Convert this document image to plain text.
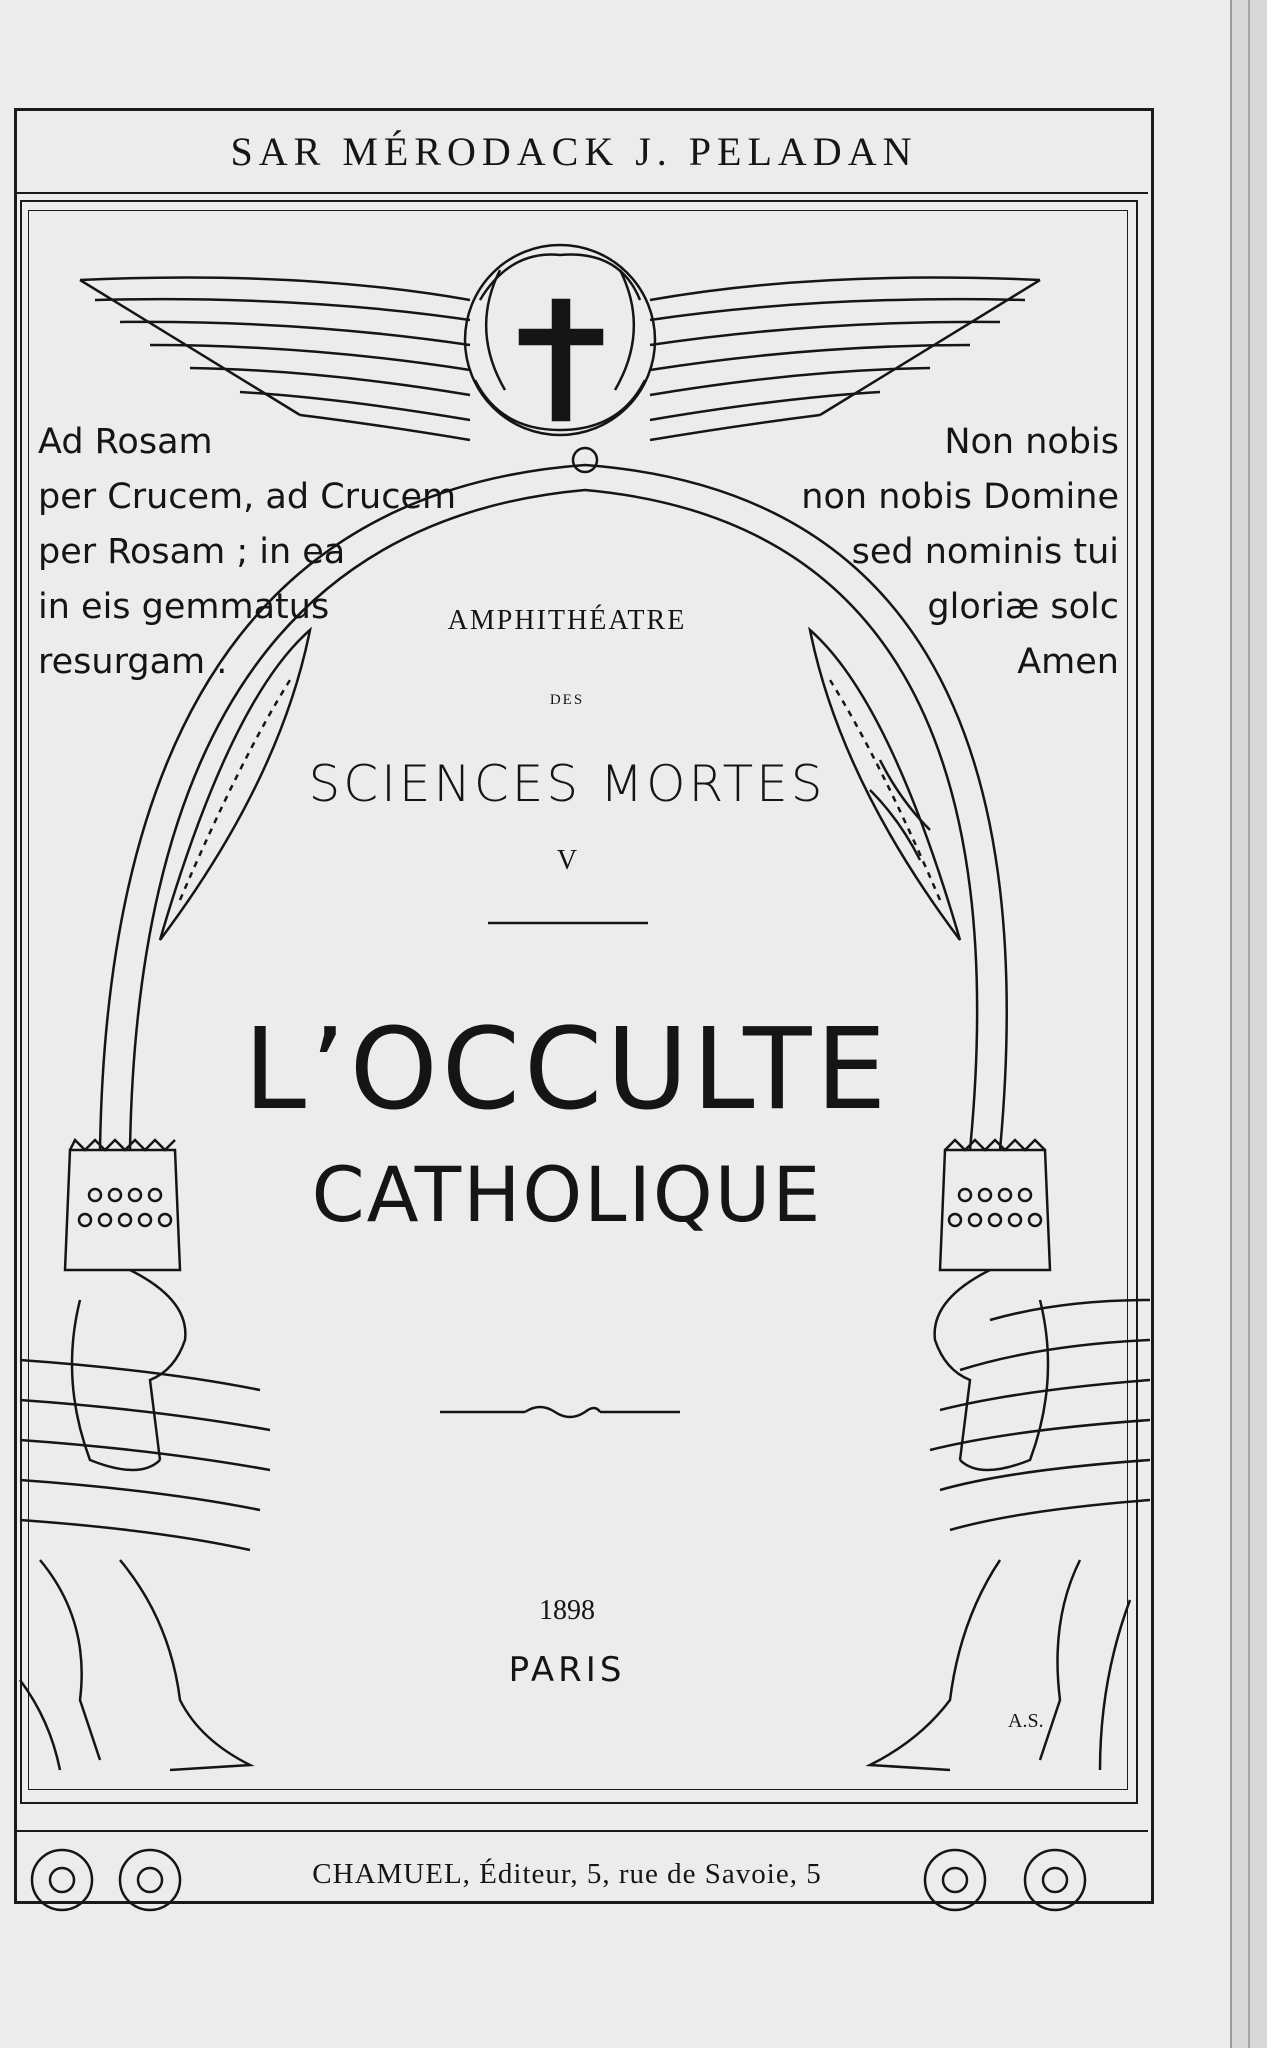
SAR MÉRODACK J. PELADAN
Ad Rosam
per Crucem, ad Crucem
per Rosam ; in ea
in eis gemmatus
resurgam .
Non nobis
non nobis Domine
sed nominis tui
gloriæ solc
Amen
AMPHITHÉATRE
DES
SCIENCES MORTES
V
L’OCCULTE
CATHOLIQUE
1898
PARIS
A.S.
CHAMUEL, Éditeur, 5, rue de Savoie, 5
